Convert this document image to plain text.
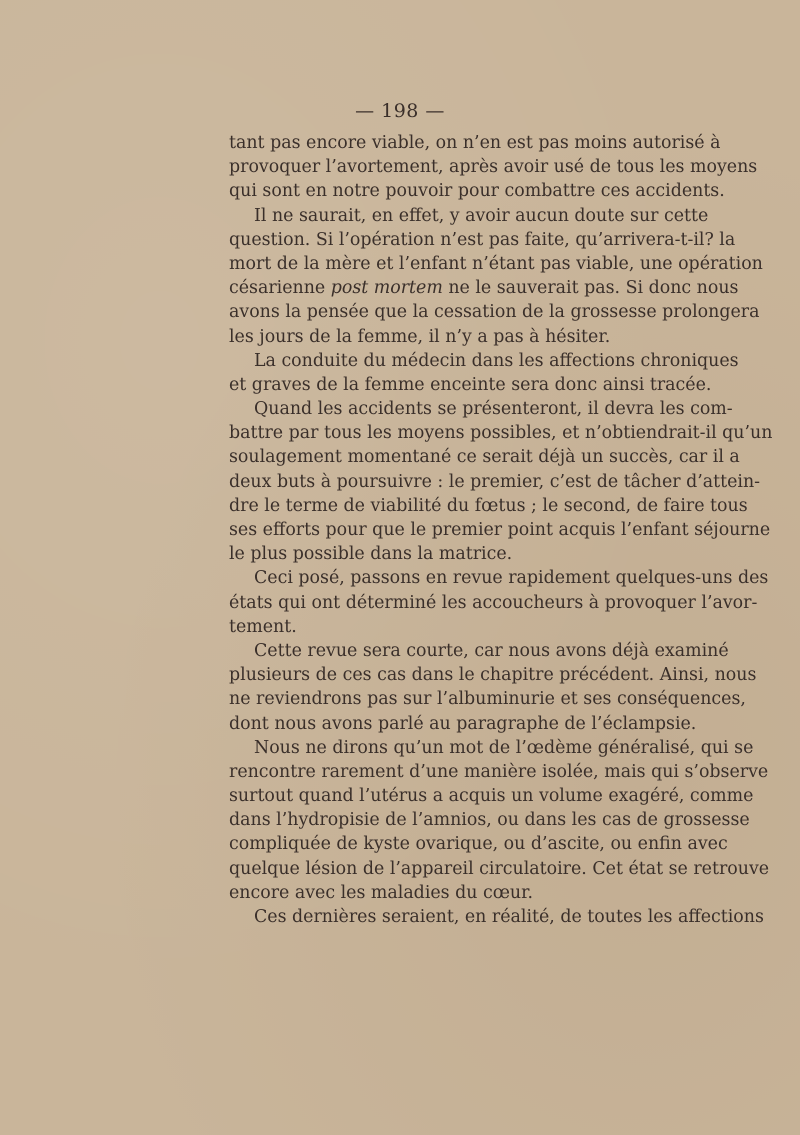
— 198 —
tant pas encore viable, on n’en est pas moins autorisé à
provoquer l’avortement, après avoir usé de tous les moyens
qui sont en notre pouvoir pour combattre ces accidents.
Il ne saurait, en effet, y avoir aucun doute sur cette
question. Si l’opération n’est pas faite, qu’arrivera-t-il? la
mort de la mère et l’enfant n’étant pas viable, une opération
césarienne post mortem ne le sauverait pas. Si donc nous
avons la pensée que la cessation de la grossesse prolongera
les jours de la femme, il n’y a pas à hésiter.
La conduite du médecin dans les affections chroniques
et graves de la femme enceinte sera donc ainsi tracée.
Quand les accidents se présenteront, il devra les com-
battre par tous les moyens possibles, et n’obtiendrait-il qu’un
soulagement momentané ce serait déjà un succès, car il a
deux buts à poursuivre : le premier, c’est de tâcher d’attein-
dre le terme de viabilité du fœtus ; le second, de faire tous
ses efforts pour que le premier point acquis l’enfant séjourne
le plus possible dans la matrice.
Ceci posé, passons en revue rapidement quelques-uns des
états qui ont déterminé les accoucheurs à provoquer l’avor-
tement.
Cette revue sera courte, car nous avons déjà examiné
plusieurs de ces cas dans le chapitre précédent. Ainsi, nous
ne reviendrons pas sur l’albuminurie et ses conséquences,
dont nous avons parlé au paragraphe de l’éclampsie.
Nous ne dirons qu’un mot de l’œdème généralisé, qui se
rencontre rarement d’une manière isolée, mais qui s’observe
surtout quand l’utérus a acquis un volume exagéré, comme
dans l’hydropisie de l’amnios, ou dans les cas de grossesse
compliquée de kyste ovarique, ou d’ascite, ou enfin avec
quelque lésion de l’appareil circulatoire. Cet état se retrouve
encore avec les maladies du cœur.
Ces dernières seraient, en réalité, de toutes les affections
